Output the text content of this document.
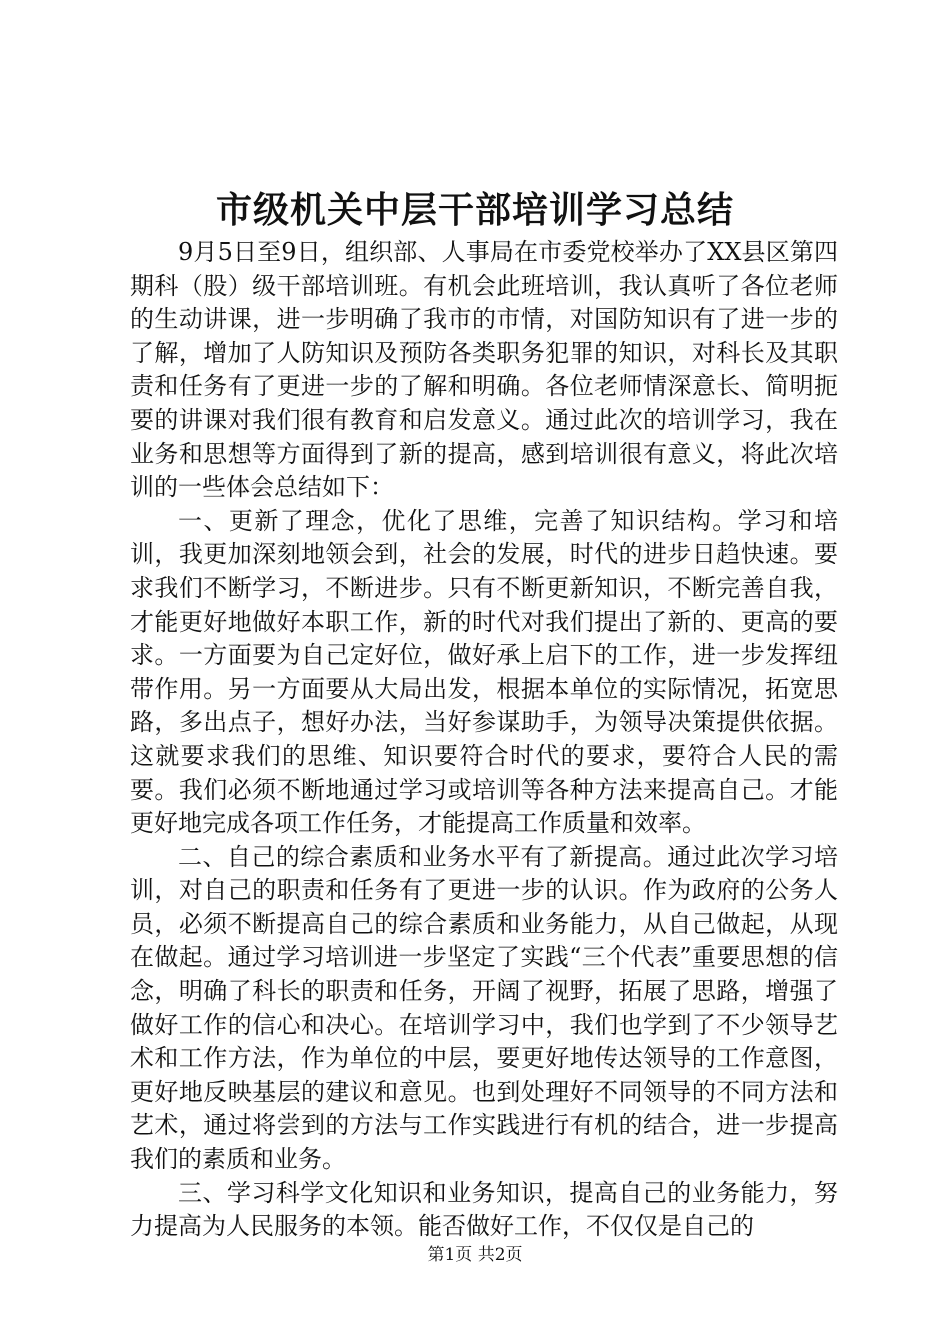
市级机关中层干部培训学习总结

9月5日至9日，组织部、人事局在市委党校举办了XX县区第四期科（股）级干部培训班。有机会此班培训，我认真听了各位老师的生动讲课，进一步明确了我市的市情，对国防知识有了进一步的了解，增加了人防知识及预防各类职务犯罪的知识，对科长及其职责和任务有了更进一步的了解和明确。各位老师情深意长、简明扼要的讲课对我们很有教育和启发意义。通过此次的培训学习，我在业务和思想等方面得到了新的提高，感到培训很有意义，将此次培训的一些体会总结如下：

一、更新了理念，优化了思维，完善了知识结构。学习和培训，我更加深刻地领会到，社会的发展，时代的进步日趋快速。要求我们不断学习，不断进步。只有不断更新知识，不断完善自我，才能更好地做好本职工作，新的时代对我们提出了新的、更高的要求。一方面要为自己定好位，做好承上启下的工作，进一步发挥纽带作用。另一方面要从大局出发，根据本单位的实际情况，拓宽思路，多出点子，想好办法，当好参谋助手，为领导决策提供依据。这就要求我们的思维、知识要符合时代的要求，要符合人民的需要。我们必须不断地通过学习或培训等各种方法来提高自己。才能更好地完成各项工作任务，才能提高工作质量和效率。

二、自己的综合素质和业务水平有了新提高。通过此次学习培训，对自己的职责和任务有了更进一步的认识。作为政府的公务人员，必须不断提高自己的综合素质和业务能力，从自己做起，从现在做起。通过学习培训进一步坚定了实践“三个代表”重要思想的信念，明确了科长的职责和任务，开阔了视野，拓展了思路，增强了做好工作的信心和决心。在培训学习中，我们也学到了不少领导艺术和工作方法，作为单位的中层，要更好地传达领导的工作意图，更好地反映基层的建议和意见。也到处理好不同领导的不同方法和艺术，通过将尝到的方法与工作实践进行有机的结合，进一步提高我们的素质和业务。

三、学习科学文化知识和业务知识，提高自己的业务能力，努力提高为人民服务的本领。能否做好工作，不仅仅是自己的

第1页 共2页
